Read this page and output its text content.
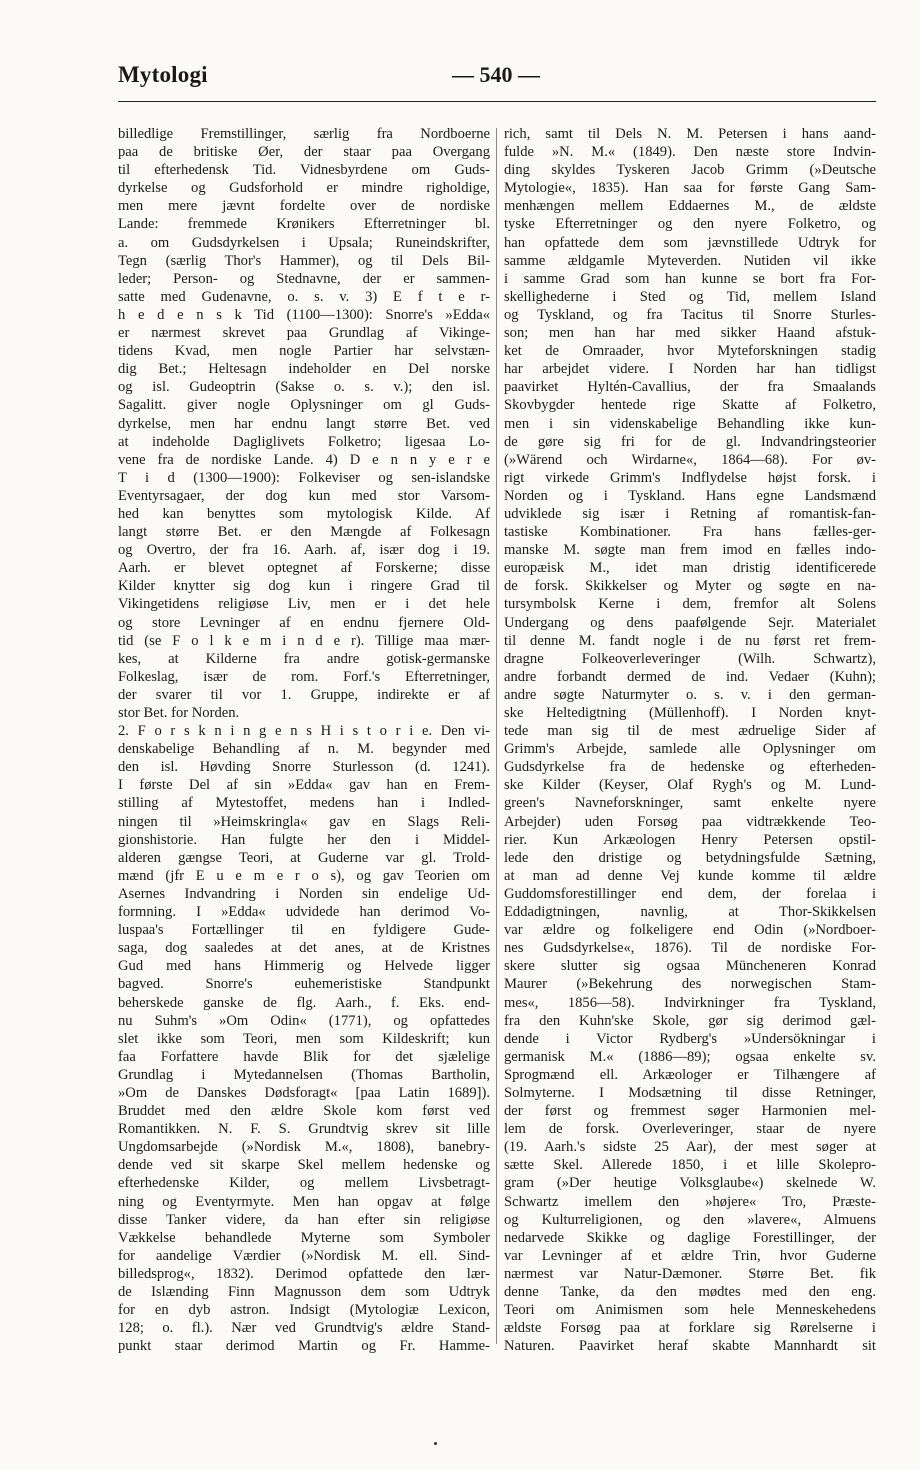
Mytologi	— 540 —
billedlige Fremstillinger, særlig fra Nordboerne
paa de britiske Øer, der staar paa Overgang
til efterhedensk Tid. Vidnesbyrdene om Guds-
dyrkelse og Gudsforhold er mindre righoldige,
men mere jævnt fordelte over de nordiske
Lande: fremmede Krønikers Efterretninger bl.
a. om Gudsdyrkelsen i Upsala; Runeindskrifter,
Tegn (særlig Thor's Hammer), og til Dels Bil-
leder; Person- og Stednavne, der er sammen-
satte med Gudenavne, o. s. v. 3) E f t e r-
h e d e n s k Tid (1100—1300): Snorre's »Edda«
er nærmest skrevet paa Grundlag af Vikinge-
tidens Kvad, men nogle Partier har selvstæn-
dig Bet.; Heltesagn indeholder en Del norske
og isl. Gudeoptrin (Sakse o. s. v.); den isl.
Sagalitt. giver nogle Oplysninger om gl Guds-
dyrkelse, men har endnu langt større Bet. ved
at indeholde Dagliglivets Folketro; ligesaa Lo-
vene fra de nordiske Lande. 4) D e n n y e r e
T i d (1300—1900): Folkeviser og sen-islandske
Eventyrsagaer, der dog kun med stor Varsom-
hed kan benyttes som mytologisk Kilde. Af
langt større Bet. er den Mængde af Folkesagn
og Overtro, der fra 16. Aarh. af, især dog i 19.
Aarh. er blevet optegnet af Forskerne; disse
Kilder knytter sig dog kun i ringere Grad til
Vikingetidens religiøse Liv, men er i det hele
og store Levninger af en endnu fjernere Old-
tid (se F o l k e m i n d e r). Tillige maa mær-
kes, at Kilderne fra andre gotisk-germanske
Folkeslag, især de rom. Forf.'s Efterretninger,
der svarer til vor 1. Gruppe, indirekte er af
stor Bet. for Norden.
2. F o r s k n i n g e n s H i s t o r i e. Den vi-
denskabelige Behandling af n. M. begynder med
den isl. Høvding Snorre Sturlesson (d. 1241).
I første Del af sin »Edda« gav han en Frem-
stilling af Mytestoffet, medens han i Indled-
ningen til »Heimskringla« gav en Slags Reli-
gionshistorie. Han fulgte her den i Middel-
alderen gængse Teori, at Guderne var gl. Trold-
mænd (jfr E u e m e r o s), og gav Teorien om
Asernes Indvandring i Norden sin endelige Ud-
formning. I »Edda« udvidede han derimod Vo-
luspaa's Fortællinger til en fyldigere Gude-
saga, dog saaledes at det anes, at de Kristnes
Gud med hans Himmerig og Helvede ligger
bagved. Snorre's euhemeristiske Standpunkt
beherskede ganske de flg. Aarh., f. Eks. end-
nu Suhm's »Om Odin« (1771), og opfattedes
slet ikke som Teori, men som Kildeskrift; kun
faa Forfattere havde Blik for det sjælelige
Grundlag i Mytedannelsen (Thomas Bartholin,
»Om de Danskes Dødsforagt« [paa Latin 1689]).
Bruddet med den ældre Skole kom først ved
Romantikken. N. F. S. Grundtvig skrev sit lille
Ungdomsarbejde (»Nordisk M.«, 1808), banebry-
dende ved sit skarpe Skel mellem hedenske og
efterhedenske Kilder, og mellem Livsbetragt-
ning og Eventyrmyte. Men han opgav at følge
disse Tanker videre, da han efter sin religiøse
Vækkelse behandlede Myterne som Symboler
for aandelige Værdier (»Nordisk M. ell. Sind-
billedsprog«, 1832). Derimod opfattede den lær-
de Islænding Finn Magnusson dem som Udtryk
for en dyb astron. Indsigt (Mytologiæ Lexicon,
128; o. fl.). Nær ved Grundtvig's ældre Stand-
punkt staar derimod Martin og Fr. Hamme-
rich, samt til Dels N. M. Petersen i hans aand-
fulde »N. M.« (1849). Den næste store Indvin-
ding skyldes Tyskeren Jacob Grimm (»Deutsche
Mytologie«, 1835). Han saa for første Gang Sam-
menhængen mellem Eddaernes M., de ældste
tyske Efterretninger og den nyere Folketro, og
han opfattede dem som jævnstillede Udtryk for
samme ældgamle Myteverden. Nutiden vil ikke
i samme Grad som han kunne se bort fra For-
skellighederne i Sted og Tid, mellem Island
og Tyskland, og fra Tacitus til Snorre Sturles-
son; men han har med sikker Haand afstuk-
ket de Omraader, hvor Myteforskningen stadig
har arbejdet videre. I Norden har han tidligst
paavirket Hyltén-Cavallius, der fra Smaalands
Skovbygder hentede rige Skatte af Folketro,
men i sin videnskabelige Behandling ikke kun-
de gøre sig fri for de gl. Indvandringsteorier
(»Wärend och Wirdarne«, 1864—68). For øv-
rigt virkede Grimm's Indflydelse højst forsk. i
Norden og i Tyskland. Hans egne Landsmænd
udviklede sig især i Retning af romantisk-fan-
tastiske Kombinationer. Fra hans fælles-ger-
manske M. søgte man frem imod en fælles indo-
europæisk M., idet man dristig identificerede
de forsk. Skikkelser og Myter og søgte en na-
tursymbolsk Kerne i dem, fremfor alt Solens
Undergang og dens paafølgende Sejr. Materialet
til denne M. fandt nogle i de nu først ret frem-
dragne Folkeoverleveringer (Wilh. Schwartz),
andre forbandt dermed de ind. Vedaer (Kuhn);
andre søgte Naturmyter o. s. v. i den german-
ske Heltedigtning (Müllenhoff). I Norden knyt-
tede man sig til de mest ædruelige Sider af
Grimm's Arbejde, samlede alle Oplysninger om
Gudsdyrkelse fra de hedenske og efterheden-
ske Kilder (Keyser, Olaf Rygh's og M. Lund-
green's Navneforskninger, samt enkelte nyere
Arbejder) uden Forsøg paa vidtrækkende Teo-
rier. Kun Arkæologen Henry Petersen opstil-
lede den dristige og betydningsfulde Sætning,
at man ad denne Vej kunde komme til ældre
Guddomsforestillinger end dem, der forelaa i
Eddadigtningen, navnlig, at Thor-Skikkelsen
var ældre og folkeligere end Odin (»Nordboer-
nes Gudsdyrkelse«, 1876). Til de nordiske For-
skere slutter sig ogsaa Müncheneren Konrad
Maurer (»Bekehrung des norwegischen Stam-
mes«, 1856—58). Indvirkninger fra Tyskland,
fra den Kuhn'ske Skole, gør sig derimod gæl-
dende i Victor Rydberg's »Undersökningar i
germanisk M.« (1886—89); ogsaa enkelte sv.
Sprogmænd ell. Arkæologer er Tilhængere af
Solmyterne. I Modsætning til disse Retninger,
der først og fremmest søger Harmonien mel-
lem de forsk. Overleveringer, staar de nyere
(19. Aarh.'s sidste 25 Aar), der mest søger at
sætte Skel. Allerede 1850, i et lille Skolepro-
gram (»Der heutige Volksglaube«) skelnede W.
Schwartz imellem den »højere« Tro, Præste-
og Kulturreligionen, og den »lavere«, Almuens
nedarvede Skikke og daglige Forestillinger, der
var Levninger af et ældre Trin, hvor Guderne
nærmest var Natur-Dæmoner. Større Bet. fik
denne Tanke, da den mødtes med den eng.
Teori om Animismen som hele Menneskehedens
ældste Forsøg paa at forklare sig Rørelserne i
Naturen. Paavirket heraf skabte Mannhardt sit
